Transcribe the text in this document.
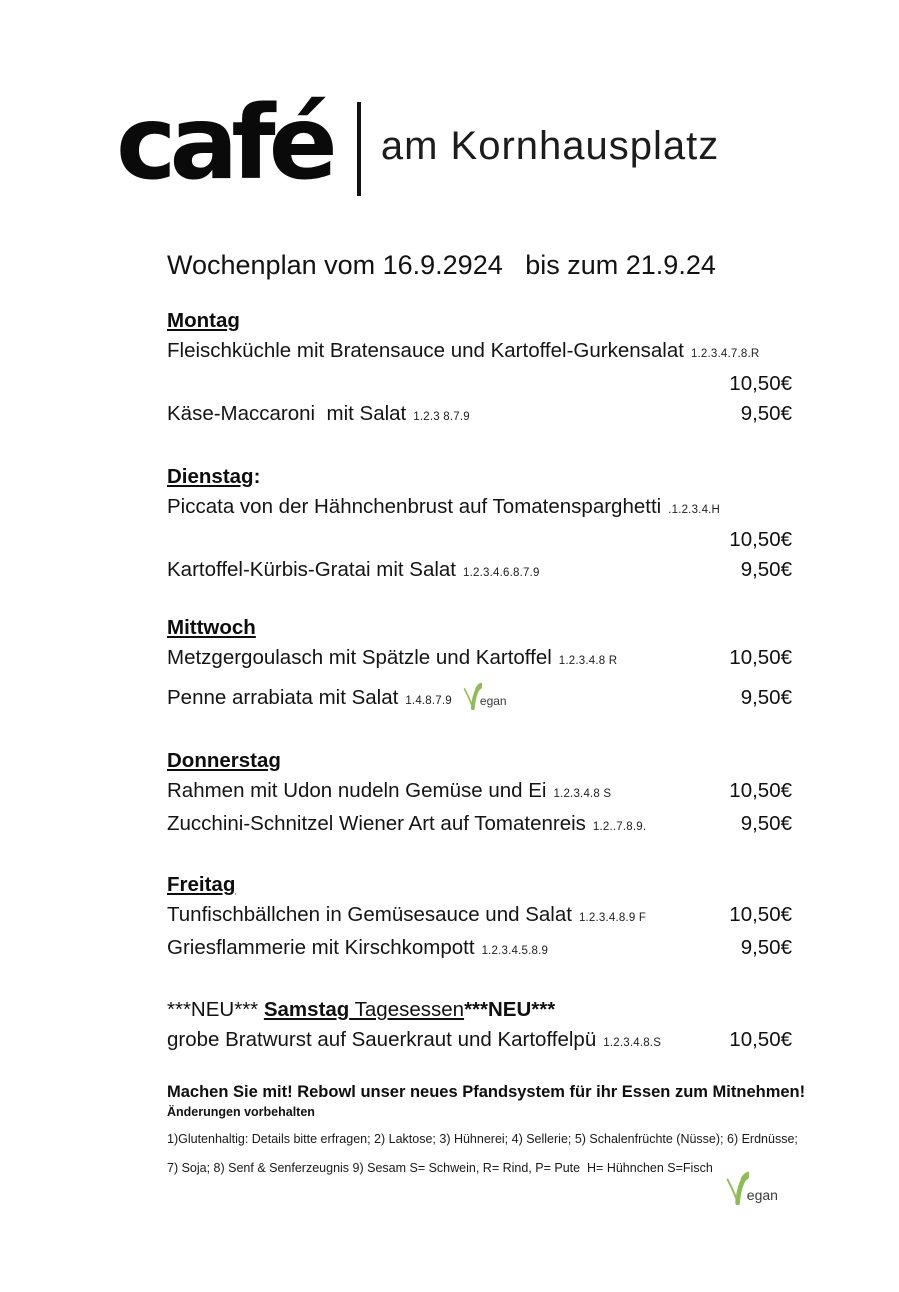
café am Kornhausplatz
Wochenplan vom 16.9.2924   bis zum 21.9.24
Montag
Fleischküchle mit Bratensauce und Kartoffel-Gurkensalat 1.2.3.4.7.8.R
10,50€
Käse-Maccaroni  mit Salat 1.2.3 8.7.9	9,50€
Dienstag:
Piccata von der Hähnchenbrust auf Tomatensparghetti .1.2.3.4.H
10,50€
Kartoffel-Kürbis-Gratai mit Salat 1.2.3.4.6.8.7.9	9,50€
Mittwoch
Metzgergoulasch mit Spätzle und Kartoffel 1.2.3.4.8 R	10,50€
Penne arrabiata mit Salat 1.4.8.7.9 egan	9,50€
Donnerstag
Rahmen mit Udon nudeln Gemüse und Ei 1.2.3.4.8 S	10,50€
Zucchini-Schnitzel Wiener Art auf Tomatenreis 1.2..7.8.9.	9,50€
Freitag
Tunfischbällchen in Gemüsesauce und Salat 1.2.3.4.8.9 F	10,50€
Griesflammerie mit Kirschkompott 1.2.3.4.5.8.9	9,50€
***NEU*** Samstag Tagesessen***NEU***
grobe Bratwurst auf Sauerkraut und Kartoffelpü 1.2.3.4.8.S	10,50€

Machen Sie mit! Rebowl unser neues Pfandsystem für ihr Essen zum Mitnehmen!

Änderungen vorbehalten

1)Glutenhaltig: Details bitte erfragen; 2) Laktose; 3) Hühnerei; 4) Sellerie; 5) Schalenfrüchte (Nüsse); 6) Erdnüsse;

7) Soja; 8) Senf & Senferzeugnis 9) Sesam S= Schwein, R= Rind, P= Pute  H= Hühnchen S=Fisch
egan
